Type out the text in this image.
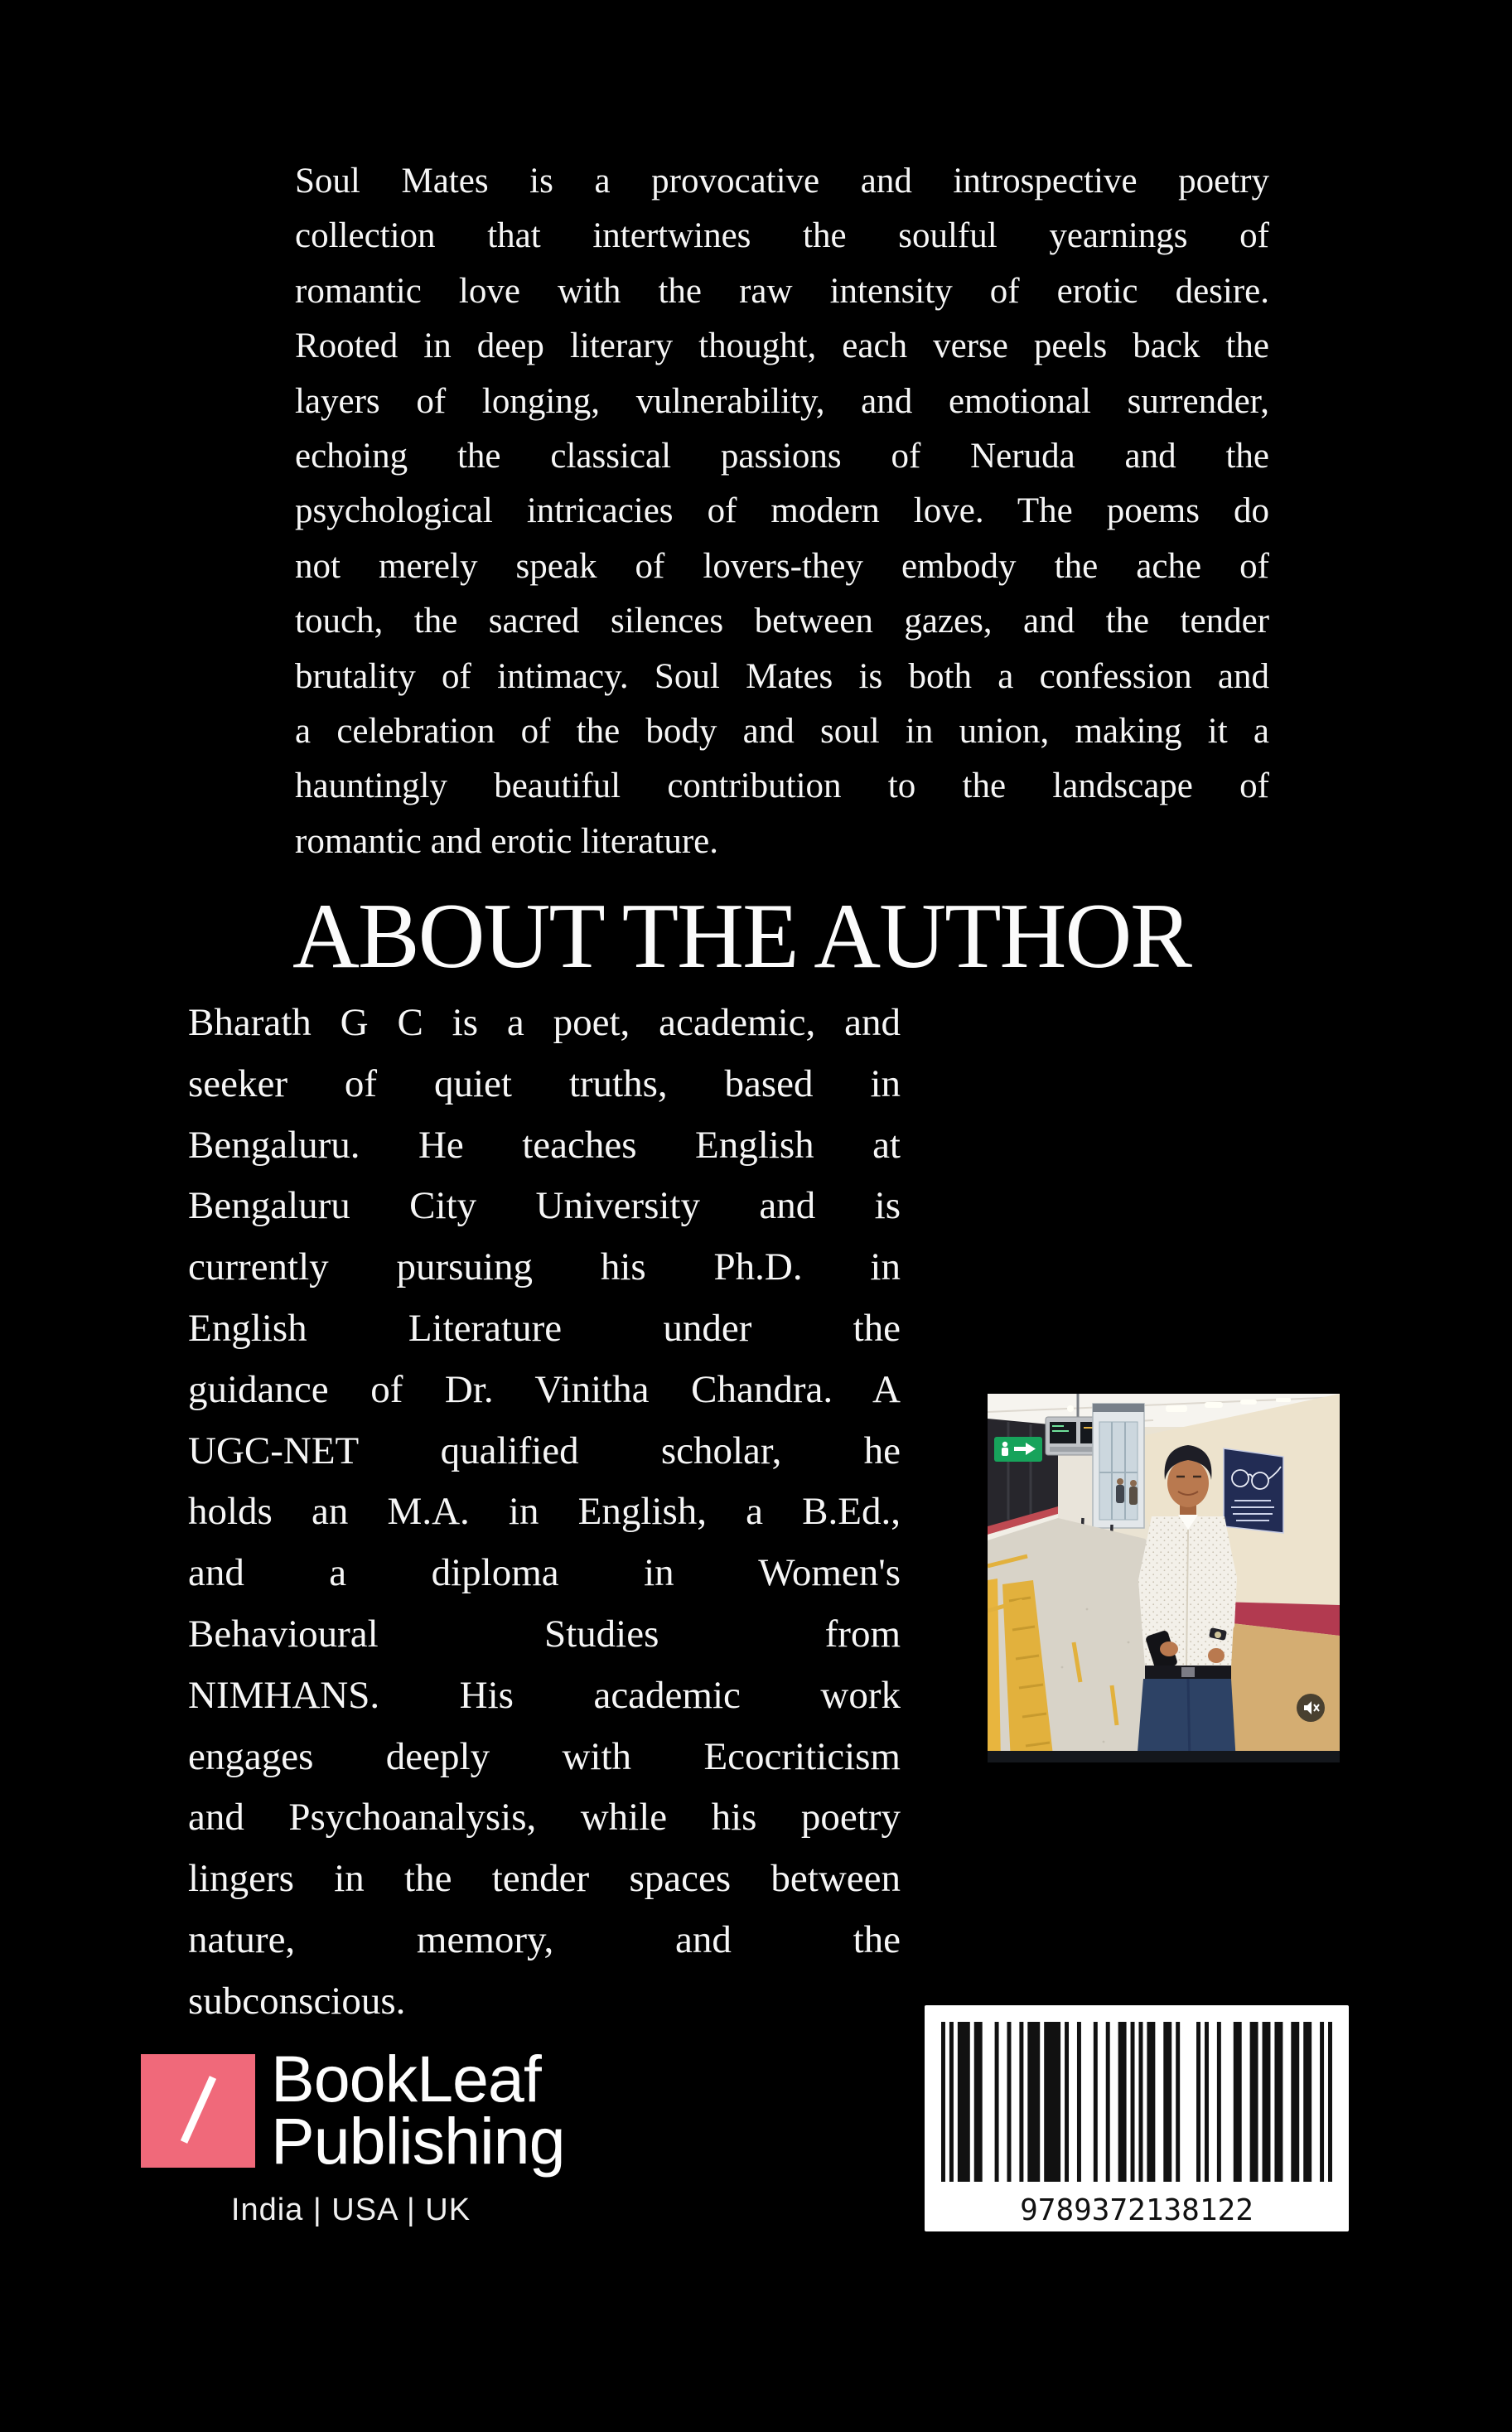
Soul Mates is a provocative and introspective poetry
collection that intertwines the soulful yearnings of
romantic love with the raw intensity of erotic desire.
Rooted in deep literary thought, each verse peels back the
layers of longing, vulnerability, and emotional surrender,
echoing the classical passions of Neruda and the
psychological intricacies of modern love. The poems do
not merely speak of lovers-they embody the ache of
touch, the sacred silences between gazes, and the tender
brutality of intimacy. Soul Mates is both a confession and
a celebration of the body and soul in union, making it a
hauntingly beautiful contribution to the landscape of
romantic and erotic literature.
ABOUT THE AUTHOR
Bharath G C is a poet, academic, and
seeker of quiet truths, based in
Bengaluru. He teaches English at
Bengaluru City University and is
currently pursuing his Ph.D. in
English Literature under the
guidance of Dr. Vinitha Chandra. A
UGC-NET qualified scholar, he
holds an M.A. in English, a B.Ed.,
and a diploma in Women's
Behavioural Studies from
NIMHANS. His academic work
engages deeply with Ecocriticism
and Psychoanalysis, while his poetry
lingers in the tender spaces between
nature, memory, and the
subconscious.
BookLeaf
Publishing
India | USA | UK	9789372138122
